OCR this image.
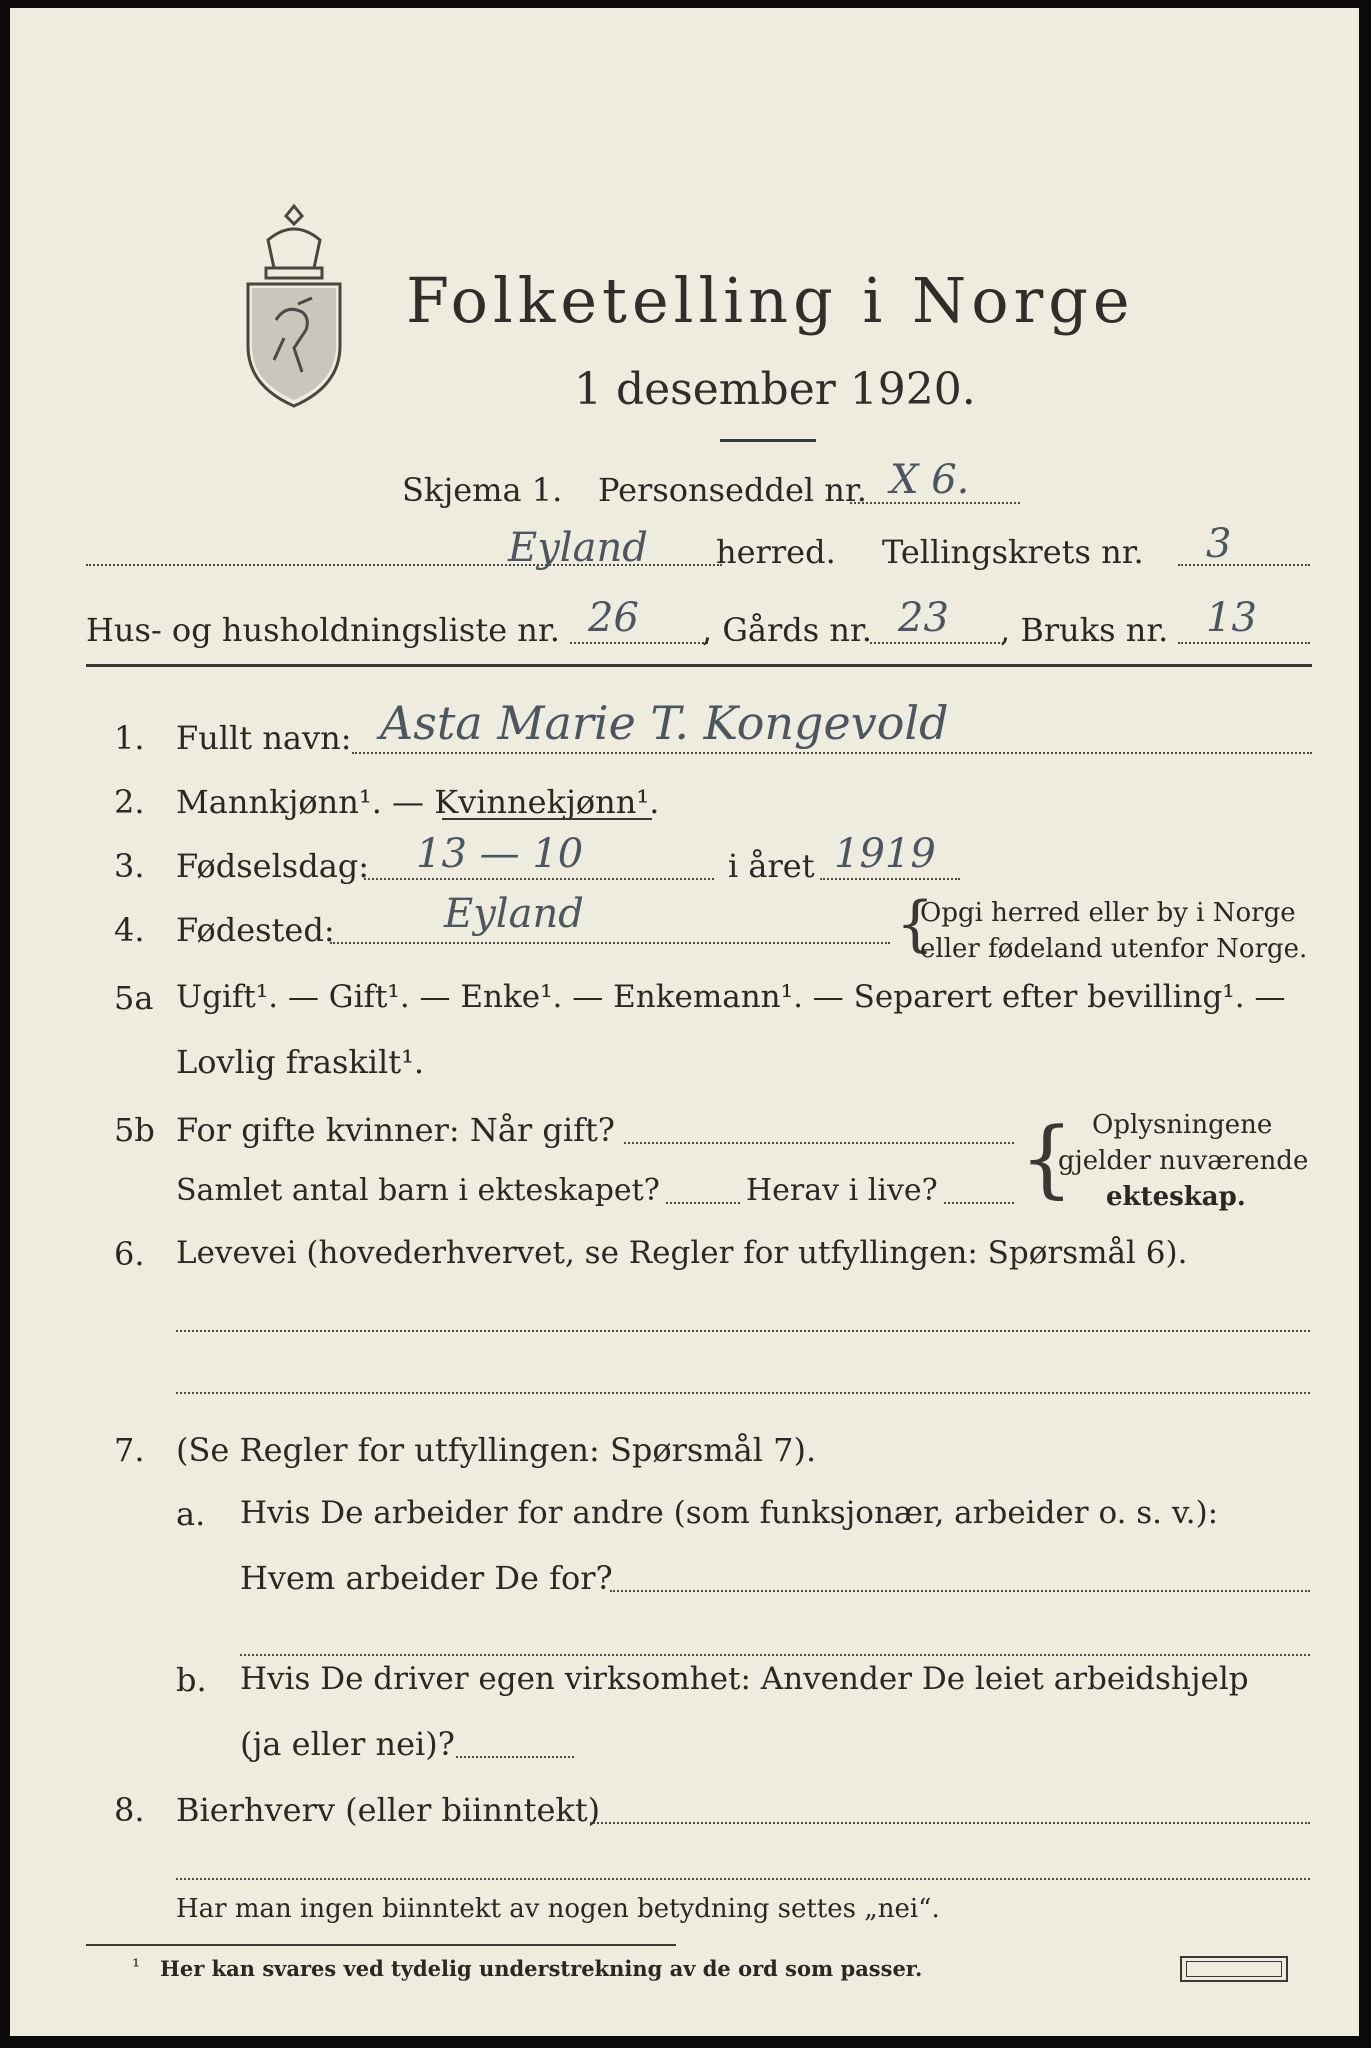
Folketelling i Norge
1 desember 1920.
Skjema 1. Personseddel nr. X 6.
Eyland herred. Tellingskrets nr. 3
Hus- og husholdningsliste nr. 26 , Gårds nr. 23 , Bruks nr. 13
1. Fullt navn: Asta Marie T. Kongevold
2. Mannkjønn¹. — Kvinnekjønn¹.
3. Fødselsdag: 13 — 10	i året 1919
4. Fødested:	Eyland	{
Opgi herred eller by i Norge
eller fødeland utenfor Norge.
5a Ugift¹. — Gift¹. — Enke¹. — Enkemann¹. — Separert efter bevilling¹. —
Lovlig fraskilt¹.
5b For gifte kvinner: Når gift?
Samlet antal barn i ekteskapet?	Herav i live? { Oplysningene
gjelder nuværende
ekteskap.
6. Levevei (hovederhvervet, se Regler for utfyllingen: Spørsmål 6).
7. (Se Regler for utfyllingen: Spørsmål 7).
a. Hvis De arbeider for andre (som funksjonær, arbeider o. s. v.):
Hvem arbeider De for?
b. Hvis De driver egen virksomhet: Anvender De leiet arbeidshjelp
(ja eller nei)?
8. Bierhverv (eller biinntekt)
Har man ingen biinntekt av nogen betydning settes „nei“.
¹ Her kan svares ved tydelig understrekning av de ord som passer.
